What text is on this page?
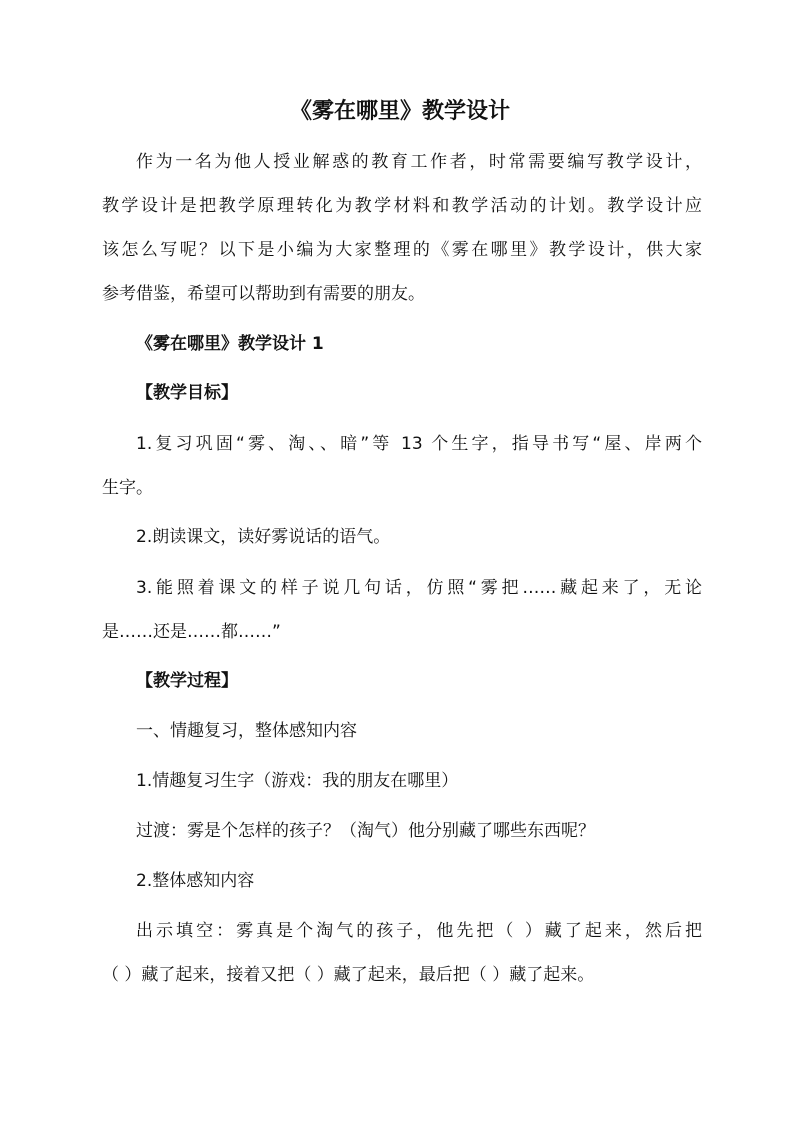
《雾在哪里》教学设计
作为一名为他人授业解惑的教育工作者，时常需要编写教学设计，
教学设计是把教学原理转化为教学材料和教学活动的计划。教学设计应
该怎么写呢？以下是小编为大家整理的《雾在哪里》教学设计，供大家
参考借鉴，希望可以帮助到有需要的朋友。
《雾在哪里》教学设计 1
【教学目标】
1.复习巩固“雾、淘、、暗”等 13 个生字，指导书写“屋、岸两个
生字。
2.朗读课文，读好雾说话的语气。
3.能照着课文的样子说几句话，仿照“雾把……藏起来了，无论
是……还是……都……”
【教学过程】
一、情趣复习，整体感知内容
1.情趣复习生字（游戏：我的朋友在哪里）
过渡：雾是个怎样的孩子？（淘气）他分别藏了哪些东西呢？
2.整体感知内容
出示填空：雾真是个淘气的孩子，他先把（ ）藏了起来，然后把
（ ）藏了起来，接着又把（ ）藏了起来，最后把（ ）藏了起来。
